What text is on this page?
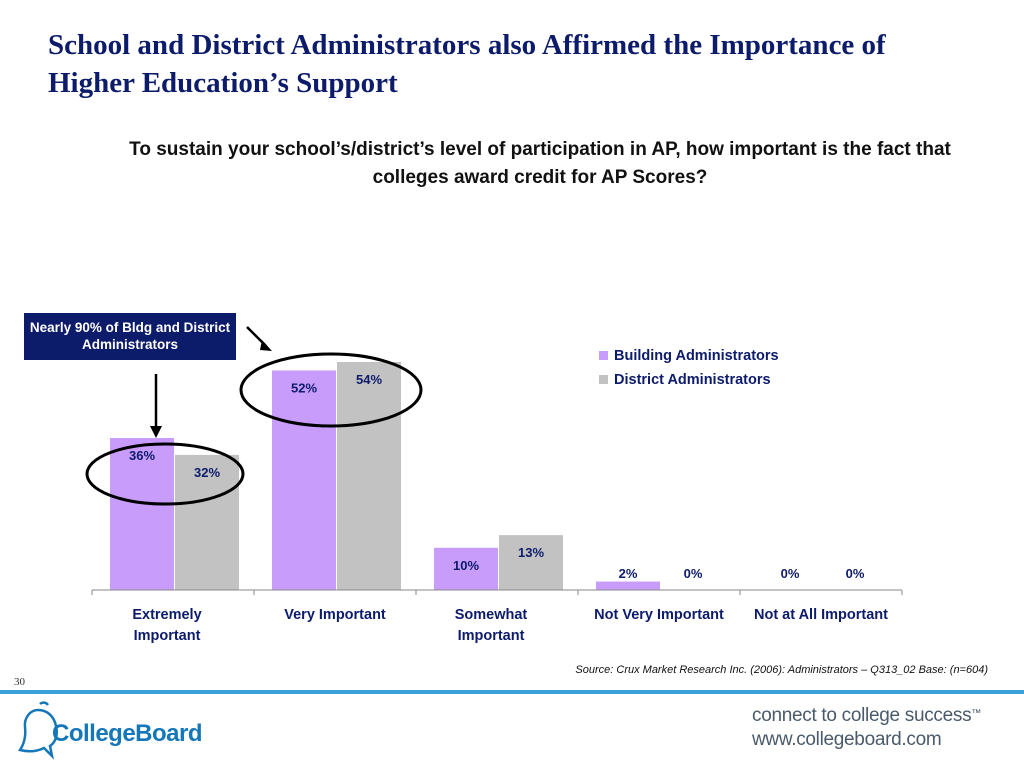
School and District Administrators also Affirmed the Importance of Higher Education’s Support
To sustain your school’s/district’s level of participation in AP, how important is the fact that colleges award credit for AP Scores?
Nearly 90% of Bldg and District Administrators
36%
32%
52%
54%
10%
13%
2%	0%	0%	0%
Extremely Important
Very Important	Somewhat Important
Not Very Important Not at All Important
Building Administrators
District Administrators
Source: Crux Market Research Inc. (2006): Administrators – Q313_02 Base: (n=604)
30
CollegeBoard
connect to college success™
www.collegeboard.com
